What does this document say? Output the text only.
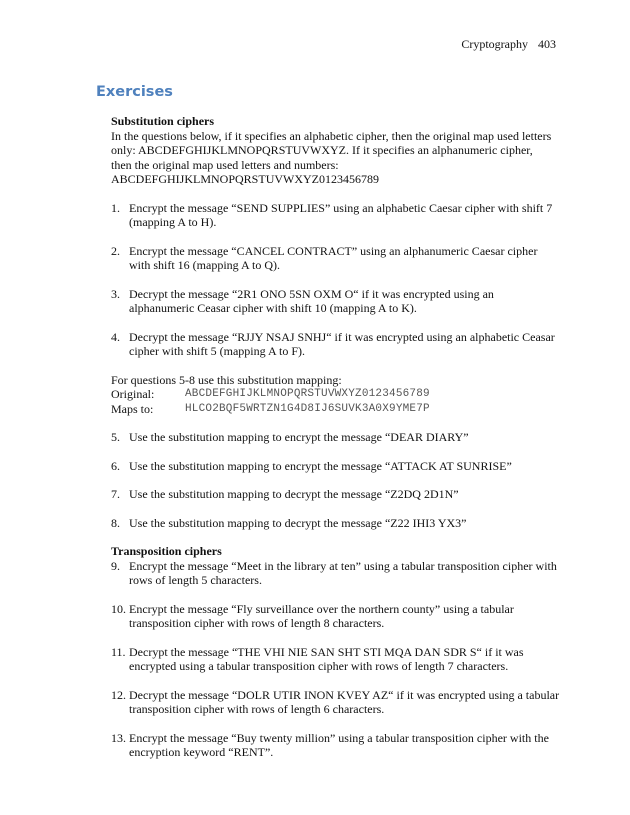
Cryptography 403
Exercises

Substitution ciphers

In the questions below, if it specifies an alphabetic cipher, then the original map used letters

only: ABCDEFGHIJKLMNOPQRSTUVWXYZ. If it specifies an alphanumeric cipher,

then the original map used letters and numbers:

ABCDEFGHIJKLMNOPQRSTUVWXYZ0123456789

1. Encrypt the message “SEND SUPPLIES” using an alphabetic Caesar cipher with shift 7

(mapping A to H).

2. Encrypt the message “CANCEL CONTRACT” using an alphanumeric Caesar cipher

with shift 16 (mapping A to Q).

3. Decrypt the message “2R1 ONO 5SN OXM O“ if it was encrypted using an

alphanumeric Ceasar cipher with shift 10 (mapping A to K).

4. Decrypt the message “RJJY NSAJ SNHJ“ if it was encrypted using an alphabetic Ceasar

cipher with shift 5 (mapping A to F).

For questions 5-8 use this substitution mapping:

Original:	ABCDEFGHIJKLMNOPQRSTUVWXYZ0123456789
Maps to:	HLCO2BQF5WRTZN1G4D8IJ6SUVK3A0X9YME7P
5. Use the substitution mapping to encrypt the message “DEAR DIARY”

6. Use the substitution mapping to encrypt the message “ATTACK AT SUNRISE”

7. Use the substitution mapping to decrypt the message “Z2DQ 2D1N”

8. Use the substitution mapping to decrypt the message “Z22 IHI3 YX3”

Transposition ciphers

9. Encrypt the message “Meet in the library at ten” using a tabular transposition cipher with

rows of length 5 characters.

10. Encrypt the message “Fly surveillance over the northern county” using a tabular

transposition cipher with rows of length 8 characters.

11. Decrypt the message “THE VHI NIE SAN SHT STI MQA DAN SDR S“ if it was

encrypted using a tabular transposition cipher with rows of length 7 characters.

12. Decrypt the message “DOLR UTIR INON KVEY AZ“ if it was encrypted using a tabular

transposition cipher with rows of length 6 characters.

13. Encrypt the message “Buy twenty million” using a tabular transposition cipher with the

encryption keyword “RENT”.
